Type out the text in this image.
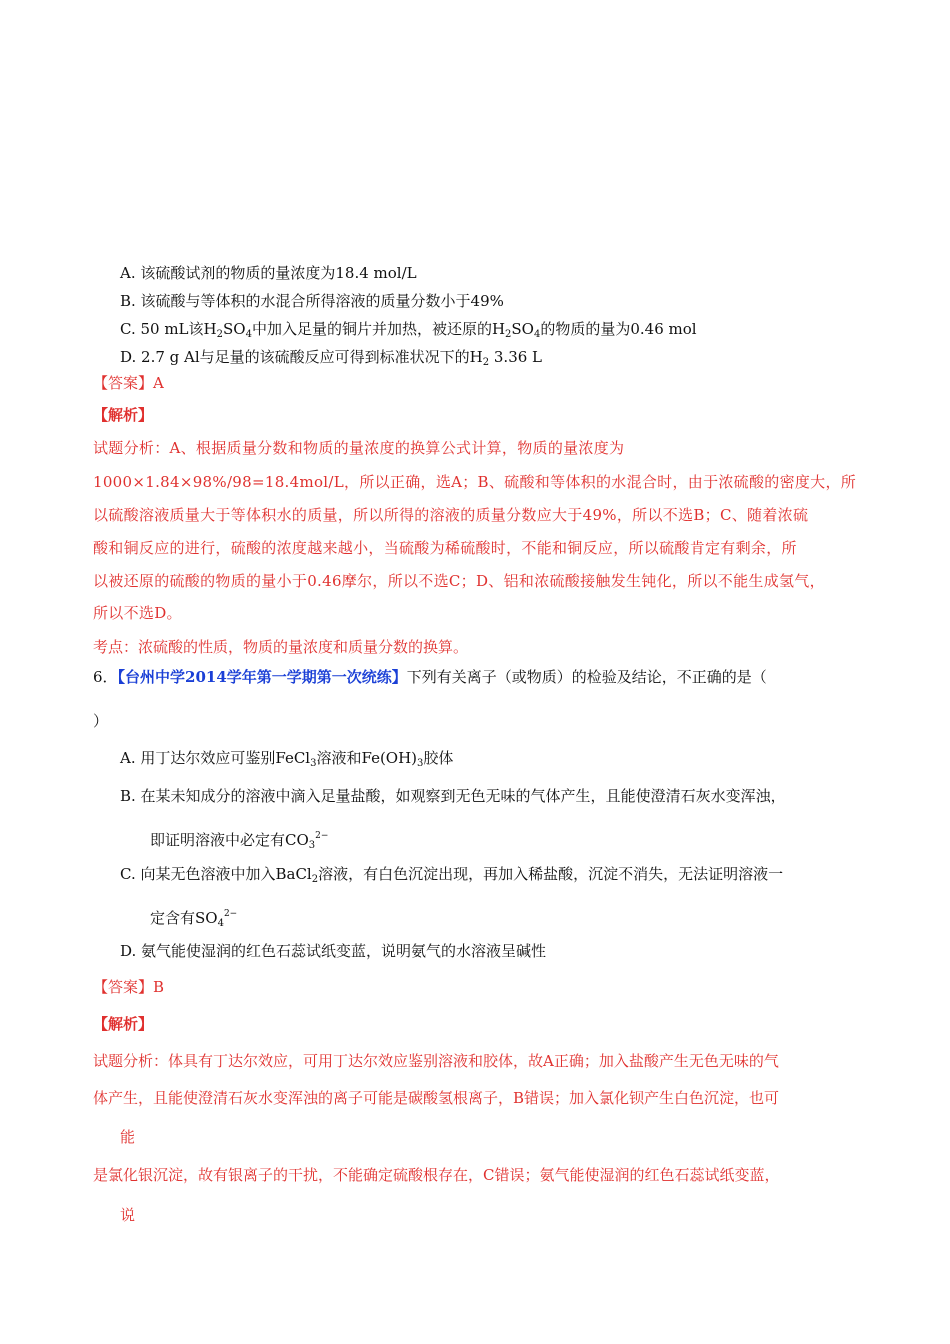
A. 该硫酸试剂的物质的量浓度为18.4 mol/L
B. 该硫酸与等体积的水混合所得溶液的质量分数小于49%
C. 50 mL该$H_2SO_4$中加入足量的铜片并加热，被还原的$H_2SO_4$的物质的量为0.46 mol
D. 2.7 g Al与足量的该硫酸反应可得到标准状况下的$H_2$ 3.36 L
【答案】A
【解析】
试题分析：A、根据质量分数和物质的量浓度的换算公式计算，物质的量浓度为
1000×1.84×98%/98=18.4mol/L，所以正确，选A；B、硫酸和等体积的水混合时，由于浓硫酸的密度大，所
以硫酸溶液质量大于等体积水的质量，所以所得的溶液的质量分数应大于49%，所以不选B；C、随着浓硫
酸和铜反应的进行，硫酸的浓度越来越小，当硫酸为稀硫酸时，不能和铜反应，所以硫酸肯定有剩余，所
以被还原的硫酸的物质的量小于0.46摩尔，所以不选C；D、铝和浓硫酸接触发生钝化，所以不能生成氢气，
所以不选D。
考点：浓硫酸的性质，物质的量浓度和质量分数的换算。
6．【台州中学2014学年第一学期第一次统练】下列有关离子（或物质）的检验及结论，不正确的是（
）
A. 用丁达尔效应可鉴别FeCl$_3$溶液和$Fe(OH)_3$胶体
B. 在某未知成分的溶液中滴入足量盐酸，如观察到无色无味的气体产生，且能使澄清石灰水变浑浊，
即证明溶液中必定有$CO_3^{2-}$
C. 向某无色溶液中加入BaCl$_2$溶液，有白色沉淀出现，再加入稀盐酸，沉淀不消失，无法证明溶液一
定含有$SO_4^{2-}$
D. 氨气能使湿润的红色石蕊试纸变蓝，说明氨气的水溶液呈碱性
【答案】B
【解析】
试题分析：体具有丁达尔效应，可用丁达尔效应鉴别溶液和胶体，故A正确；加入盐酸产生无色无味的气
体产生，且能使澄清石灰水变浑浊的离子可能是碳酸氢根离子，B错误；加入氯化钡产生白色沉淀，也可
能
是氯化银沉淀，故有银离子的干扰，不能确定硫酸根存在，C错误；氨气能使湿润的红色石蕊试纸变蓝，
说
